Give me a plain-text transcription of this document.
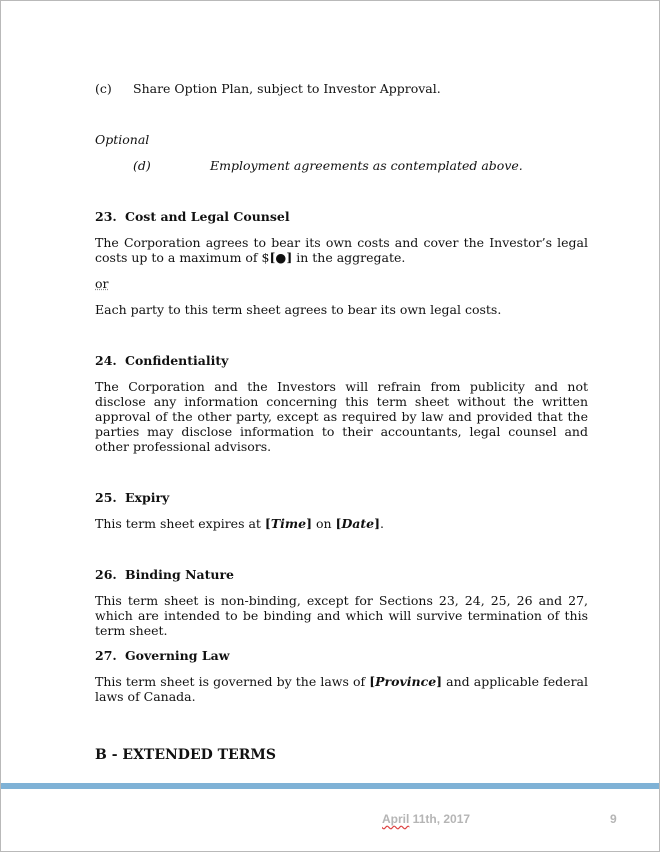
(c)	Share Option Plan, subject to Investor Approval.
Optional
(d)	Employment agreements as contemplated above.
23. Cost and Legal Counsel

The Corporation agrees to bear its own costs and cover the Investor’s legal costs up to a maximum of $[●] in the aggregate.

or

Each party to this term sheet agrees to bear its own legal costs.

24. Confidentiality

The Corporation and the Investors will refrain from publicity and not disclose any information concerning this term sheet without the written approval of the other party, except as required by law and provided that the parties may disclose information to their accountants, legal counsel and other professional advisors.

25. Expiry

This term sheet expires at [Time] on [Date].

26. Binding Nature

This term sheet is non-binding, except for Sections 23, 24, 25, 26 and 27, which are intended to be binding and which will survive termination of this term sheet.

27. Governing Law

This term sheet is governed by the laws of [Province] and applicable federal laws of Canada.

B - EXTENDED TERMS
April 11th, 2017	9
